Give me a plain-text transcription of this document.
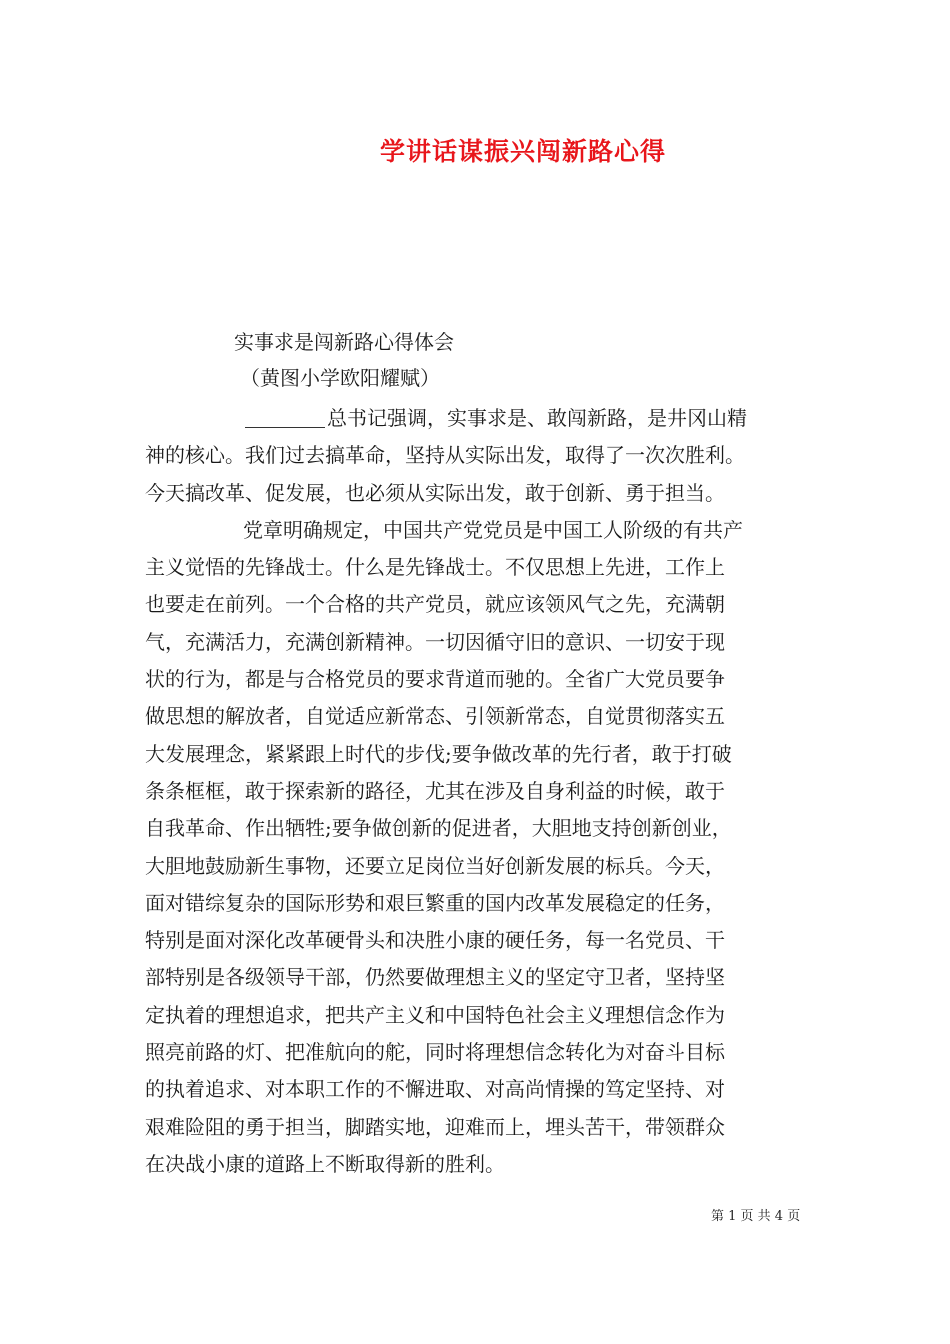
学讲话谋振兴闯新路心得
实事求是闯新路心得体会
（黄图小学欧阳耀赋）
总书记强调，实事求是、敢闯新路，是井冈山精
神的核心。我们过去搞革命，坚持从实际出发，取得了一次次胜利。
今天搞改革、促发展，也必须从实际出发，敢于创新、勇于担当。
党章明确规定，中国共产党党员是中国工人阶级的有共产
主义觉悟的先锋战士。什么是先锋战士。不仅思想上先进，工作上
也要走在前列。一个合格的共产党员，就应该领风气之先，充满朝
气，充满活力，充满创新精神。一切因循守旧的意识、一切安于现
状的行为，都是与合格党员的要求背道而驰的。全省广大党员要争
做思想的解放者，自觉适应新常态、引领新常态，自觉贯彻落实五
大发展理念，紧紧跟上时代的步伐;要争做改革的先行者，敢于打破
条条框框，敢于探索新的路径，尤其在涉及自身利益的时候，敢于
自我革命、作出牺牲;要争做创新的促进者，大胆地支持创新创业，
大胆地鼓励新生事物，还要立足岗位当好创新发展的标兵。今天，
面对错综复杂的国际形势和艰巨繁重的国内改革发展稳定的任务，
特别是面对深化改革硬骨头和决胜小康的硬任务，每一名党员、干
部特别是各级领导干部，仍然要做理想主义的坚定守卫者，坚持坚
定执着的理想追求，把共产主义和中国特色社会主义理想信念作为
照亮前路的灯、把准航向的舵，同时将理想信念转化为对奋斗目标
的执着追求、对本职工作的不懈进取、对高尚情操的笃定坚持、对
艰难险阻的勇于担当，脚踏实地，迎难而上，埋头苦干，带领群众
在决战小康的道路上不断取得新的胜利。
第 1 页 共 4 页
